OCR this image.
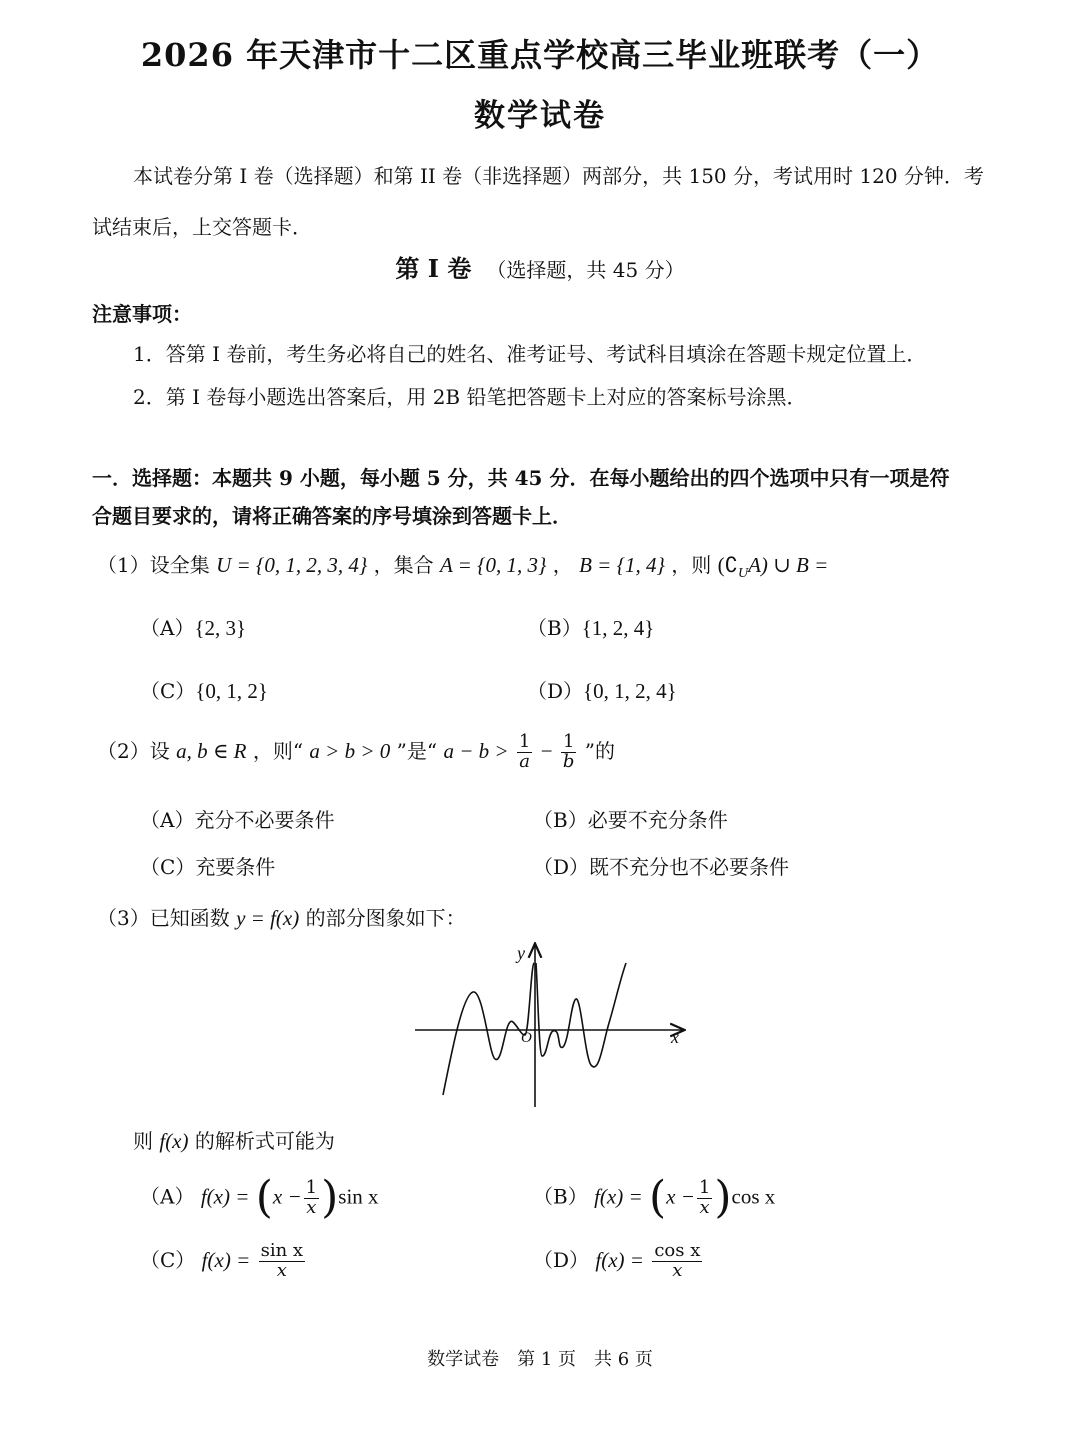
2026 年天津市十二区重点学校高三毕业班联考（一）
数学试卷
本试卷分第 I 卷（选择题）和第 II 卷（非选择题）两部分，共 150 分，考试用时 120 分钟．考
试结束后，上交答题卡．
第 I 卷 （选择题，共 45 分）
注意事项：
1．答第 I 卷前，考生务必将自己的姓名、准考证号、考试科目填涂在答题卡规定位置上．
2．第 I 卷每小题选出答案后，用 2B 铅笔把答题卡上对应的答案标号涂黑．
一．选择题：本题共 9 小题，每小题 5 分，共 45 分．在每小题给出的四个选项中只有一项是符
合题目要求的，请将正确答案的序号填涂到答题卡上．
（1）设全集 U = {0, 1, 2, 3, 4} ，集合 A = {0, 1, 3} ， B = {1, 4} ，则 $(∁_UA)$ ∪ B =
（A）{2, 3}	（B）{1, 2, 4}
（C）{0, 1, 2}	（D）{0, 1, 2, 4}
（2）设 a, b ∈ R ，则“ a > b > 0 ”是“ $a - b > \frac{1}{a} - \frac{1}{b}$ ”的
（A）充分不必要条件	（B）必要不充分条件
（C）充要条件	（D）既不充分也不必要条件
（3）已知函数 y = f(x) 的部分图象如下：
x
y
O
则 f(x) 的解析式可能为
（A） $f(x) = (x - \frac{1}{x} )\sin$ x	（B） $f(x) = (x - \frac{1}{x} )\cos$ x
（C） $f(x) = \frac{\text{sin x}}{x}$	（D） $f(x) = \frac{\text{cos x}}{x}$
数学试卷　第 1 页　共 6 页
